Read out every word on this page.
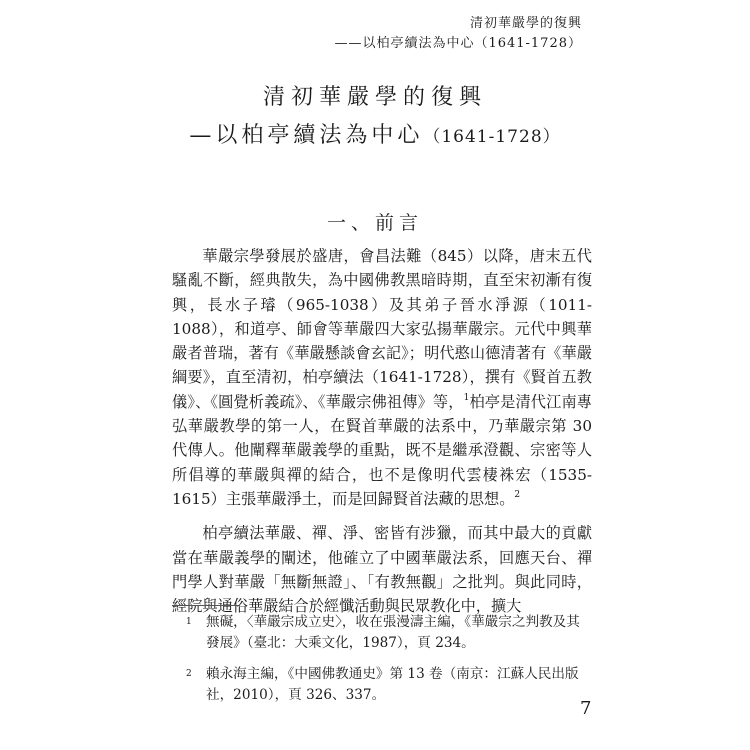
清初華嚴學的復興
——以柏亭續法為中心（1641-1728）
清初華嚴學的復興
—以柏亭續法為中心（1641-1728）
一、前言

華嚴宗學發展於盛唐，會昌法難（845）以降，唐末五代騷亂不斷，經典散失，為中國佛教黑暗時期，直至宋初漸有復興，長水子璿（965-1038）及其弟子晉水淨源（1011-1088），和道亭、師會等華嚴四大家弘揚華嚴宗。元代中興華嚴者普瑞，著有《華嚴懸談會玄記》；明代憨山德清著有《華嚴綱要》，直至清初，柏亭續法（1641-1728），撰有《賢首五教儀》、《圓覺析義疏》、《華嚴宗佛祖傳》等，$^1$柏亭是清代江南專弘華嚴教學的第一人，在賢首華嚴的法系中，乃華嚴宗第 30 代傳人。他闡釋華嚴義學的重點，既不是繼承澄觀、宗密等人所倡導的華嚴與禪的結合，也不是像明代雲棲袾宏（1535-1615）主張華嚴淨土，而是回歸賢首法藏的思想。$^2$

柏亭續法華嚴、禪、淨、密皆有涉獵，而其中最大的貢獻當在華嚴義學的闡述，他確立了中國華嚴法系，回應天台、禪門學人對華嚴「無斷無證」、「有教無觀」之批判。與此同時，經院與通俗華嚴結合於經懺活動與民眾教化中，擴大

1 無礙，〈華嚴宗成立史〉，收在張漫濤主編，《華嚴宗之判教及其發展》（臺北：大乘文化，1987），頁 234。
2 賴永海主編，《中國佛教通史》第 13 卷（南京：江蘇人民出版社，2010），頁 326、337。
7
